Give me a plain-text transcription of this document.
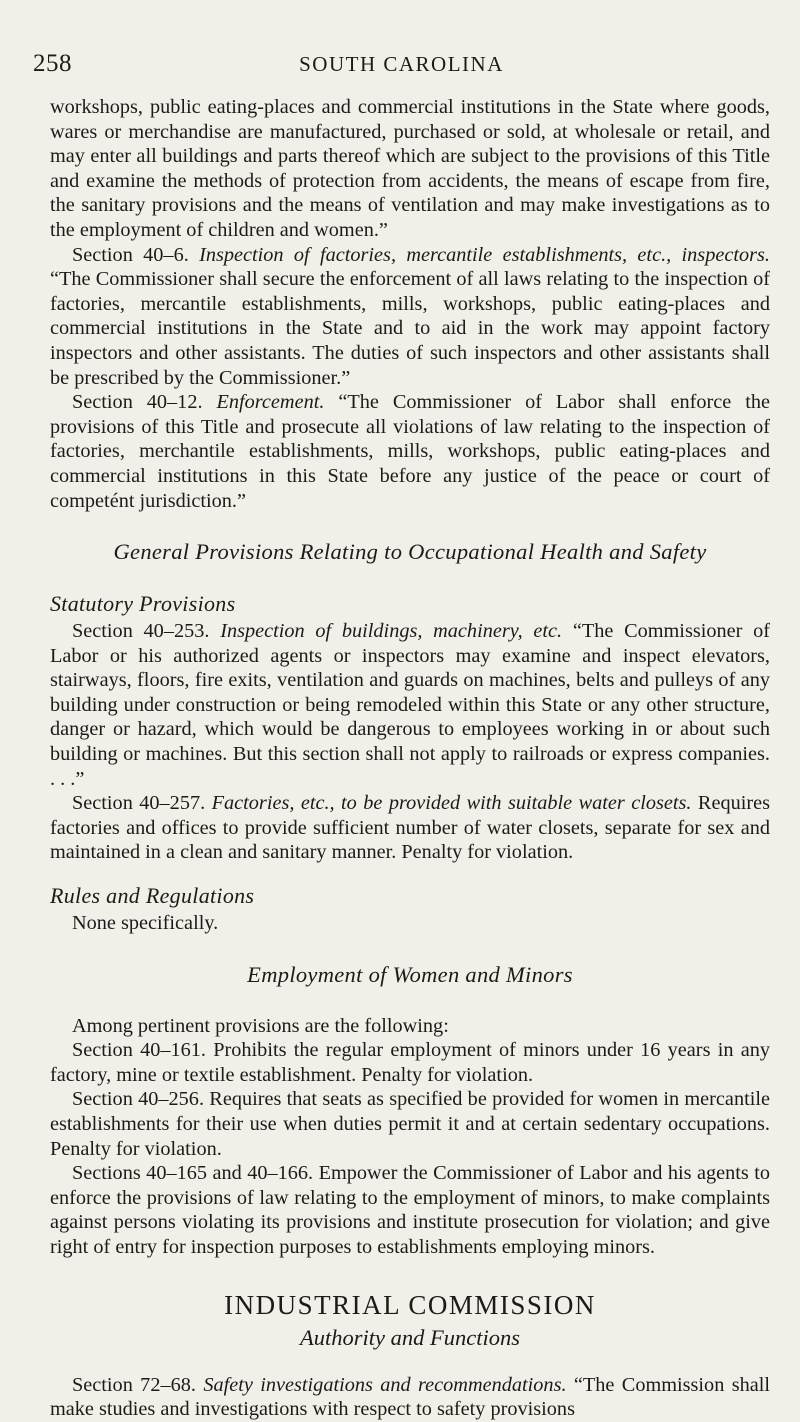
258	SOUTH CAROLINA

workshops, public eating-places and commercial institutions in the State where goods, wares or merchandise are manufactured, purchased or sold, at wholesale or retail, and may enter all buildings and parts thereof which are subject to the provisions of this Title and examine the methods of protection from accidents, the means of escape from fire, the sanitary provisions and the means of ventilation and may make investigations as to the employment of children and women.”

Section 40–6. Inspection of factories, mercantile establishments, etc., inspectors. “The Commissioner shall secure the enforcement of all laws relating to the inspection of factories, mercantile establishments, mills, workshops, public eating-places and commercial institutions in the State and to aid in the work may appoint factory inspectors and other assistants. The duties of such inspectors and other assistants shall be prescribed by the Commissioner.”

Section 40–12. Enforcement. “The Commissioner of Labor shall enforce the provisions of this Title and prosecute all violations of law relating to the inspection of factories, merchantile establishments, mills, workshops, public eating-places and commercial institutions in this State before any justice of the peace or court of competént jurisdiction.”

General Provisions Relating to Occupational Health and Safety
Statutory Provisions

Section 40–253. Inspection of buildings, machinery, etc. “The Commissioner of Labor or his authorized agents or inspectors may examine and inspect elevators, stairways, floors, fire exits, ventilation and guards on machines, belts and pulleys of any building under construction or being remodeled within this State or any other structure, danger or hazard, which would be dangerous to employees working in or about such building or machines. But this section shall not apply to railroads or express companies. . . .”

Section 40–257. Factories, etc., to be provided with suitable water closets. Requires factories and offices to provide sufficient number of water closets, separate for sex and maintained in a clean and sanitary manner. Penalty for violation.

Rules and Regulations

None specifically.

Employment of Women and Minors

Among pertinent provisions are the following:

Section 40–161. Prohibits the regular employment of minors under 16 years in any factory, mine or textile establishment. Penalty for violation.

Section 40–256. Requires that seats as specified be provided for women in mercantile establishments for their use when duties permit it and at certain sedentary occupations. Penalty for violation.

Sections 40–165 and 40–166. Empower the Commissioner of Labor and his agents to enforce the provisions of law relating to the employment of minors, to make complaints against persons violating its provisions and institute prosecution for violation; and give right of entry for inspection purposes to establishments employing minors.

INDUSTRIAL COMMISSION
Authority and Functions

Section 72–68. Safety investigations and recommendations. “The Commission shall make studies and investigations with respect to safety provisions
